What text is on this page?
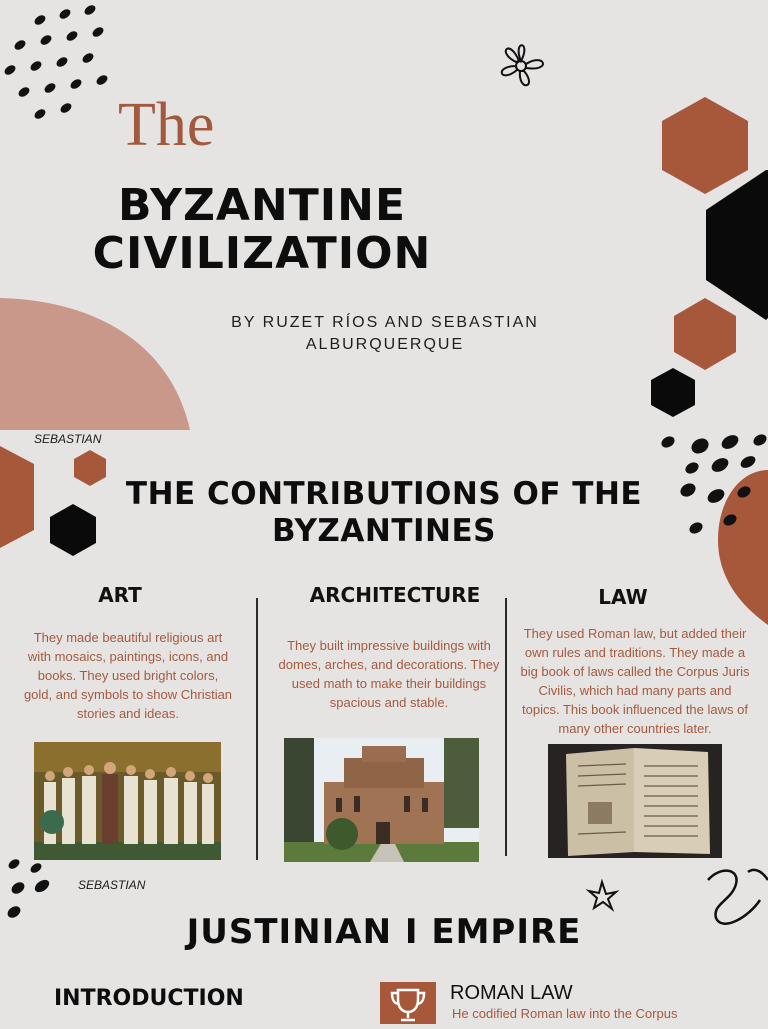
The
BYZANTINE CIVILIZATION
BY RUZET RÍOS AND SEBASTIAN ALBURQUERQUE
SEBASTIAN
THE CONTRIBUTIONS OF THE BYZANTINES
ART
They made beautiful religious art with mosaics, paintings, icons, and books. They used bright colors, gold, and symbols to show Christian stories and ideas.
ARCHITECTURE
They built impressive buildings with domes, arches, and decorations. They used math to make their buildings spacious and stable.
LAW
They used Roman law, but added their own rules and traditions. They made a big book of laws called the Corpus Juris Civilis, which had many parts and topics. This book influenced the laws of many other countries later.
SEBASTIAN
JUSTINIAN I EMPIRE
INTRODUCTION	ROMAN LAW
He codified Roman law into the Corpus
